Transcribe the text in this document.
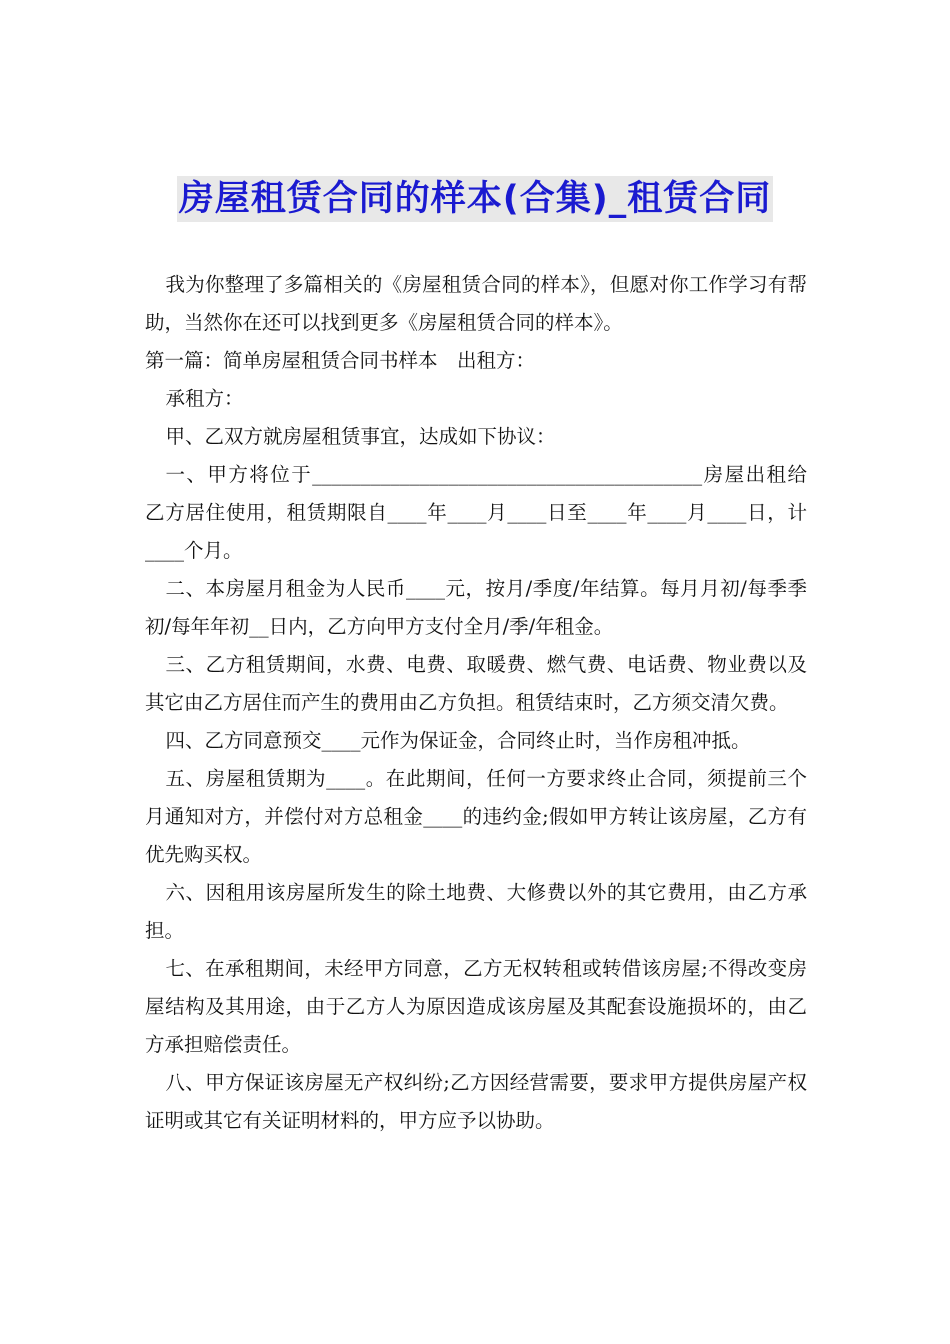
房屋租赁合同的样本(合集)_租赁合同

我为你整理了多篇相关的《房屋租赁合同的样本》，但愿对你工作学习有帮助，当然你在还可以找到更多《房屋租赁合同的样本》。

第一篇：简单房屋租赁合同书样本　出租方：

承租方：

甲、乙双方就房屋租赁事宜，达成如下协议：

一、甲方将位于________________________________________房屋出租给乙方居住使用，租赁期限自____年____月____日至____年____月____日，计____个月。

二、本房屋月租金为人民币____元，按月/季度/年结算。每月月初/每季季初/每年年初__日内，乙方向甲方支付全月/季/年租金。

三、乙方租赁期间，水费、电费、取暖费、燃气费、电话费、物业费以及其它由乙方居住而产生的费用由乙方负担。租赁结束时，乙方须交清欠费。

四、乙方同意预交____元作为保证金，合同终止时，当作房租冲抵。

五、房屋租赁期为____。在此期间，任何一方要求终止合同，须提前三个月通知对方，并偿付对方总租金____的违约金;假如甲方转让该房屋，乙方有优先购买权。

六、因租用该房屋所发生的除土地费、大修费以外的其它费用，由乙方承担。

七、在承租期间，未经甲方同意，乙方无权转租或转借该房屋;不得改变房屋结构及其用途，由于乙方人为原因造成该房屋及其配套设施损坏的，由乙方承担赔偿责任。

八、甲方保证该房屋无产权纠纷;乙方因经营需要，要求甲方提供房屋产权证明或其它有关证明材料的，甲方应予以协助。
